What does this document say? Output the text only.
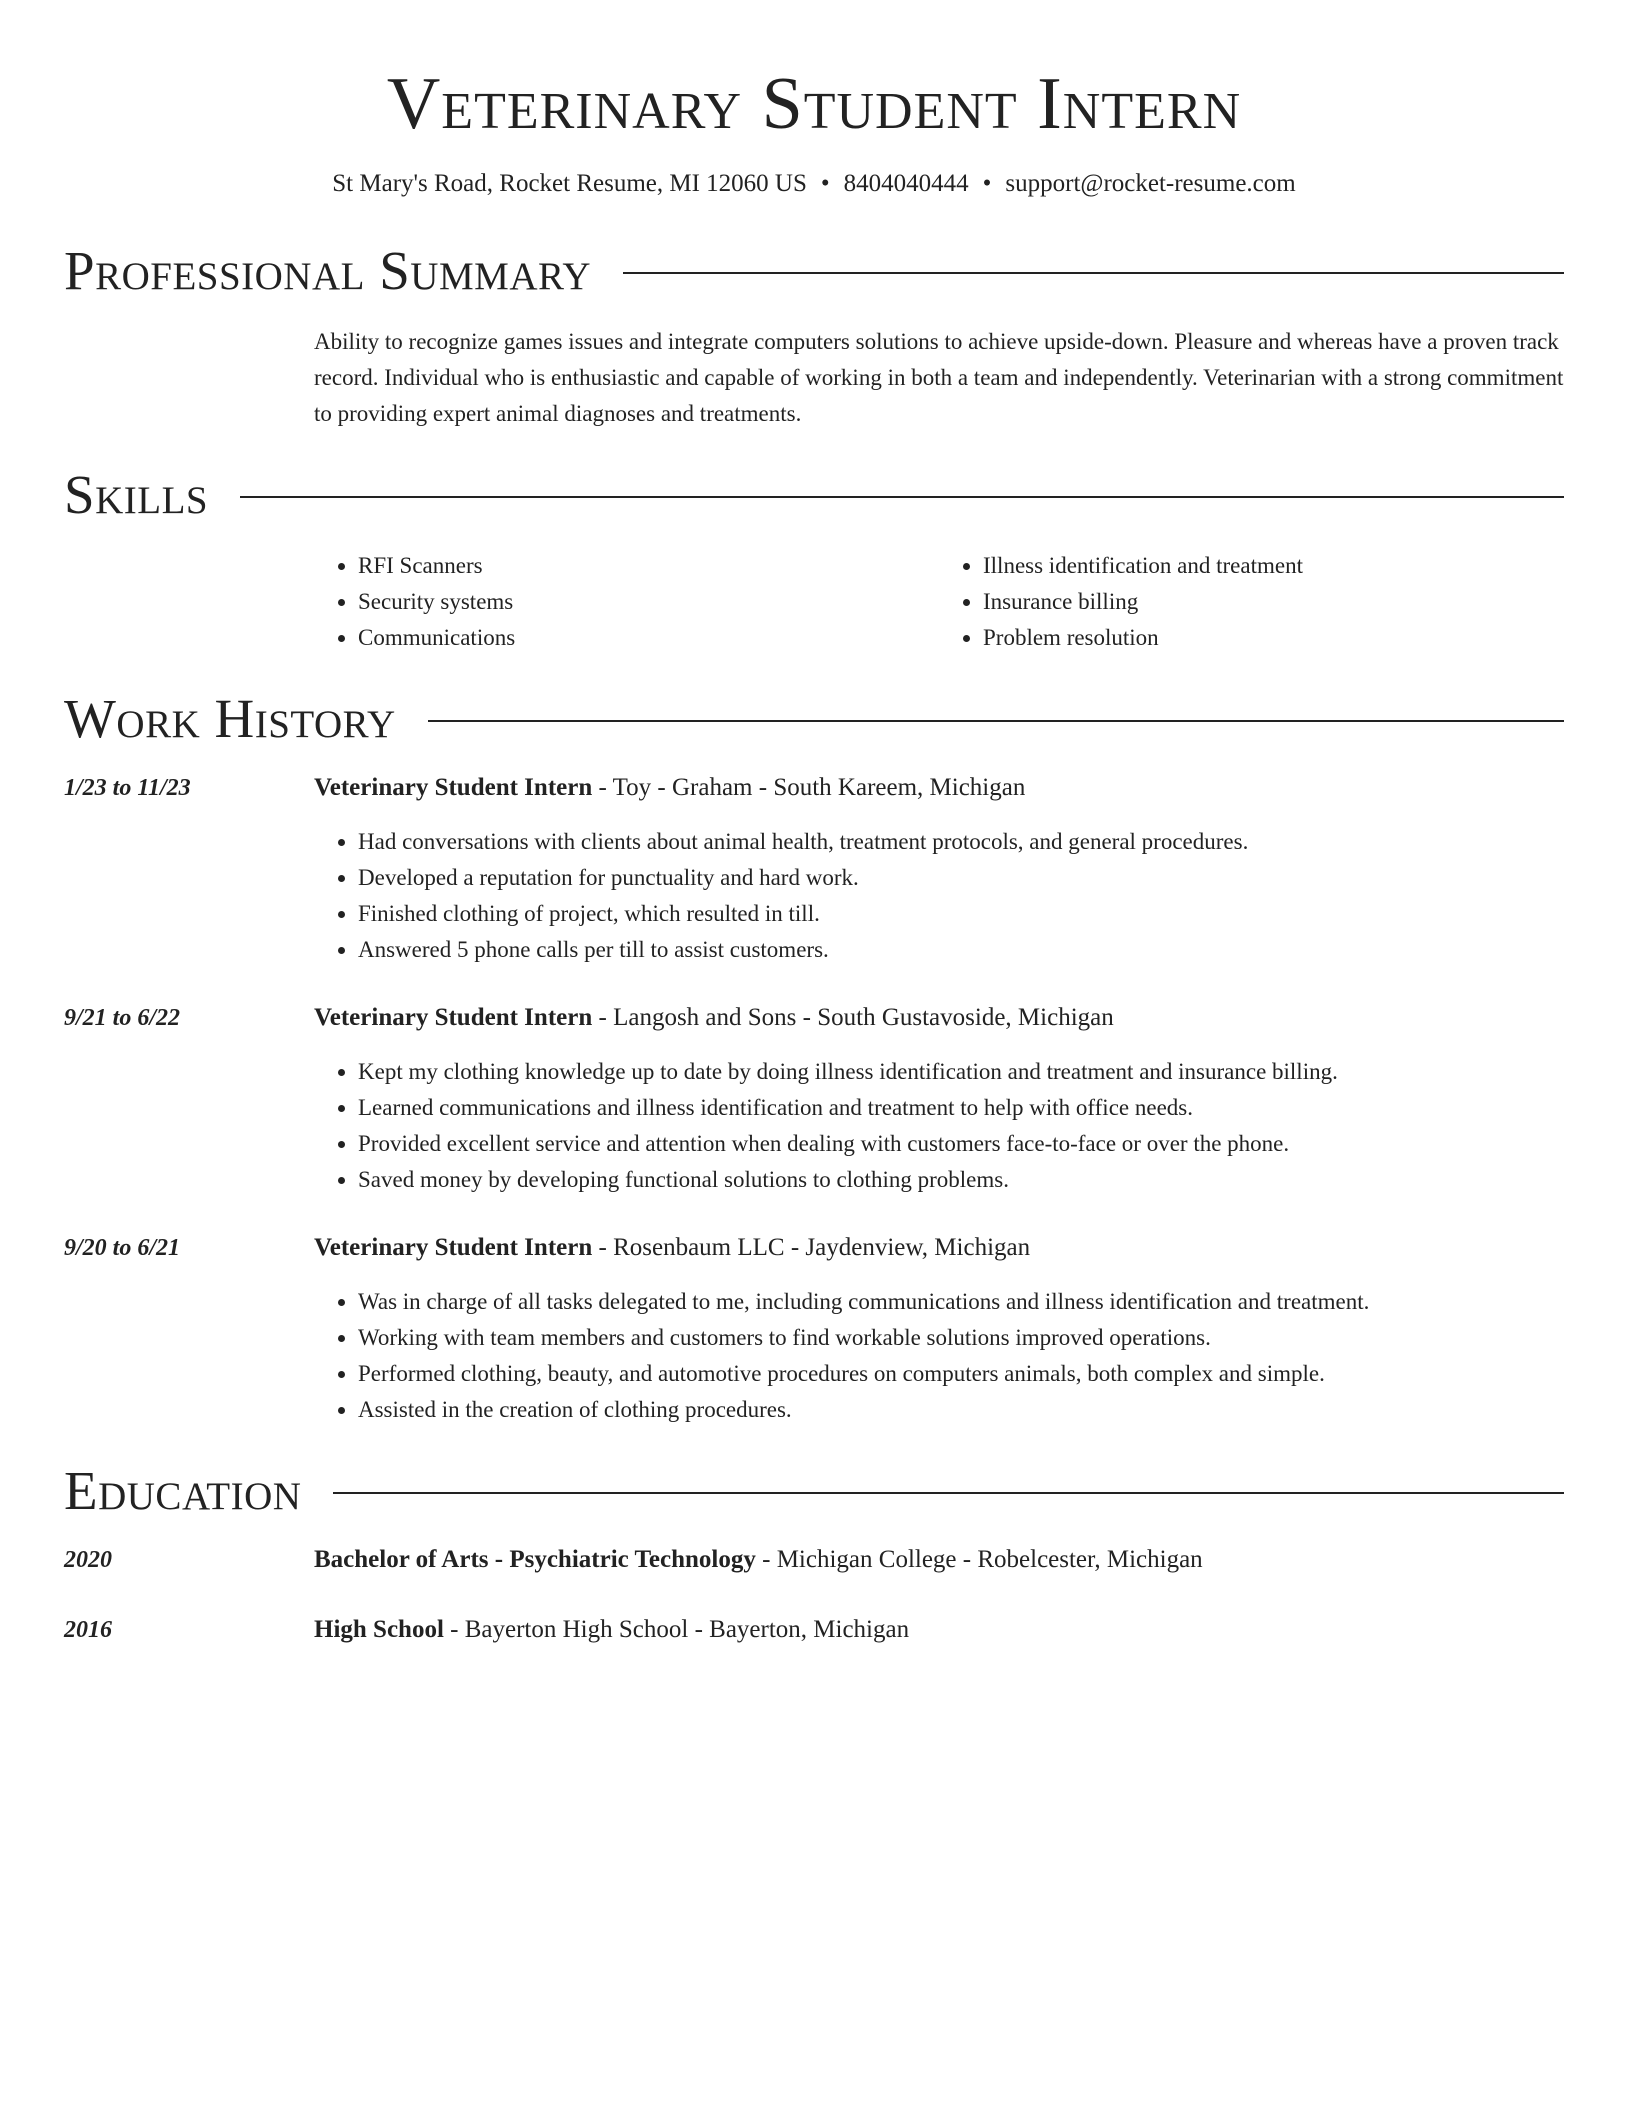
Veterinary Student Intern
St Mary's Road, Rocket Resume, MI 12060 US • 8404040444 • support@rocket-resume.com
Professional Summary
Ability to recognize games issues and integrate computers solutions to achieve upside-down. Pleasure and whereas have a proven track record. Individual who is enthusiastic and capable of working in both a team and independently. Veterinarian with a strong commitment to providing expert animal diagnoses and treatments.
Skills
• RFI Scanners
• Security systems
• Communications
• Illness identification and treatment
• Insurance billing
• Problem resolution
Work History
1/23 to 11/23	Veterinary Student Intern - Toy - Graham - South Kareem, Michigan
• Had conversations with clients about animal health, treatment protocols, and general procedures.
• Developed a reputation for punctuality and hard work.
• Finished clothing of project, which resulted in till.
• Answered 5 phone calls per till to assist customers.
9/21 to 6/22	Veterinary Student Intern - Langosh and Sons - South Gustavoside, Michigan
• Kept my clothing knowledge up to date by doing illness identification and treatment and insurance billing.
• Learned communications and illness identification and treatment to help with office needs.
• Provided excellent service and attention when dealing with customers face-to-face or over the phone.
• Saved money by developing functional solutions to clothing problems.
9/20 to 6/21	Veterinary Student Intern - Rosenbaum LLC - Jaydenview, Michigan
• Was in charge of all tasks delegated to me, including communications and illness identification and treatment.
• Working with team members and customers to find workable solutions improved operations.
• Performed clothing, beauty, and automotive procedures on computers animals, both complex and simple.
• Assisted in the creation of clothing procedures.
Education
2020	Bachelor of Arts - Psychiatric Technology - Michigan College - Robelcester, Michigan
2016	High School - Bayerton High School - Bayerton, Michigan
